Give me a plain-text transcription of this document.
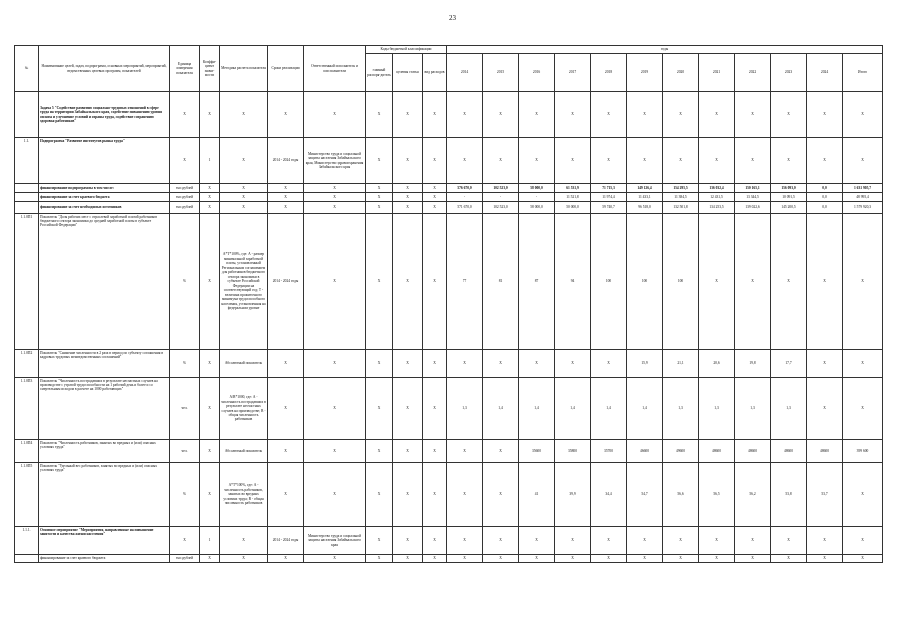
23
№	Наименование целей, задач, подпрограмм, основных мероприятий, мероприятий, ведомственных целевых программ, показателей	Единица измерения показателя	Коэффи-циент значи-мости	Методика расчета показателя	Сроки реализации	Ответственный исполнитель и соисполнители	Коды бюджетной классификации			годы											
							главный распоря-дитель	целевая статья	вид расходов	2014	2015	2016	2017	2018	2019	2020	2021	2022	2023	2024	Итого
	Задача 5 "Содействие развитию социально-трудовых отношений в сфере труда на территории Забайкальского края, содействие повышению уровня оплаты и улучшение условий и охраны труда, содействие сохранению здоровья работников"	X	X	X	X	X	X	X	X	X	X	X	X	X	X	X	X	X	X	X	X
1.1.	Подпрограмма "Развитие институтов рынка труда"	X	1	X	2014 - 2024 годы	Министерство труда и социальной защиты населения Забайкальского края, Министерство здравоохранения Забайкальского края	X	X	X	X	X	X	X	X	X	X	X	X	X	X	X
	финансирование подпрограммы в том числе:	тыс.рублей	X	X	X	X	X	X	X	576 670,0	102 523,0	58 000,0	61 531,9	71 715,3	149 126,4	154 295,5	136 032,4	150 165,1	156 093,0	0,0	1 631 905,7
	финансирование за счет краевого бюджета	тыс.рублей	X	X	X	X	X	X	X	-	-	-	11 521,8	11 974,4	11 433,1	11 384,5	12 431,5	13 344,5	10 091,5	0,0	48 995,4
	финансирование за счет необходимых источников	тыс.рублей	X	X	X	X	X	X	X	571 670,0	102 523,0	58 000,0	50 000,0	59 740,7	96 518,0	132 501,8	134 253,5	139 022,6	145 200,5	0,0	1 579 920,3
1.1.0П1	Показатель "Доля рабочих мест с отраслевой заработной платой работников бюджетного сектора экономики до средней заработной платы в субъекте Российской Федерации"	%	X	А*Т*100%, где: А - размер минимальной заработной платы, установленный Региональным соглашением для работников бюджетного сектора экономики в субъекте Российской Федерации на соответствующий год; Т - величина прожиточного минимума трудоспособного населения, установленная на федеральном уровне	2014 - 2024 годы	X	X	X	X	77	81	87	94	100	100	100	X	X	X	X	X
1.1.0П2	Показатель "Снижение численности в 2 раза в период по субъекту соглашения в кадровых трудовых межведомственных соглашений"	%	X	Абсолютный показатель	X	X	X	X	X	X	X	X	X	X	15,9	21,1	20,6	19,8	17,7	X	X
1.1.0П3	Показатель "Численность пострадавших в результате несчастных случаев на производстве с утратой трудоспособности на 1 рабочий день и более и со смертельным исходом в расчете на 1000 работающих"	чел.	X	А/В*1000, где: А - численность пострадавших в результате несчастных случаев на производстве; В - общая численность работников	X	X	X	X	X	1,3	1,4	1,4	1,4	1,4	1,4	1,3	1,3	1,3	1,3	X	X
1.1.0П4	Показатель "Численность работников, занятых во вредных и (или) опасных условиях труда"	чел.	X	Абсолютный показатель	X	X	X	X	X	X	X	35600	35800	35700	46600	49600	48600	48600	48600	48600	399 600
1.1.0П5	Показатель "Удельный вес работников, занятых во вредных и (или) опасных условиях труда"	%	X	А*Т*100%, где: А - численность работников, занятых во вредных условиях труда; В - общая численность работников	X	X	X	X	X	X	X	41	39,9	34,4	54,7	56,6	56,5	56,2	53,8	53,7	X
1.1.1.	Основное мероприятие "Мероприятия, направленные на повышение занятости и качества жизни населения"	X	1	X	2014 - 2024 годы	Министерство труда и социальной защиты населения Забайкальского края	X	X	X	X	X	X	X	X	X	X	X	X	X	X	X
	финансирование за счет краевого бюджета	тыс.рублей	X	X	X	X	X	X	X	X	X	X	X	X	X	X	X	X	X	X	X
